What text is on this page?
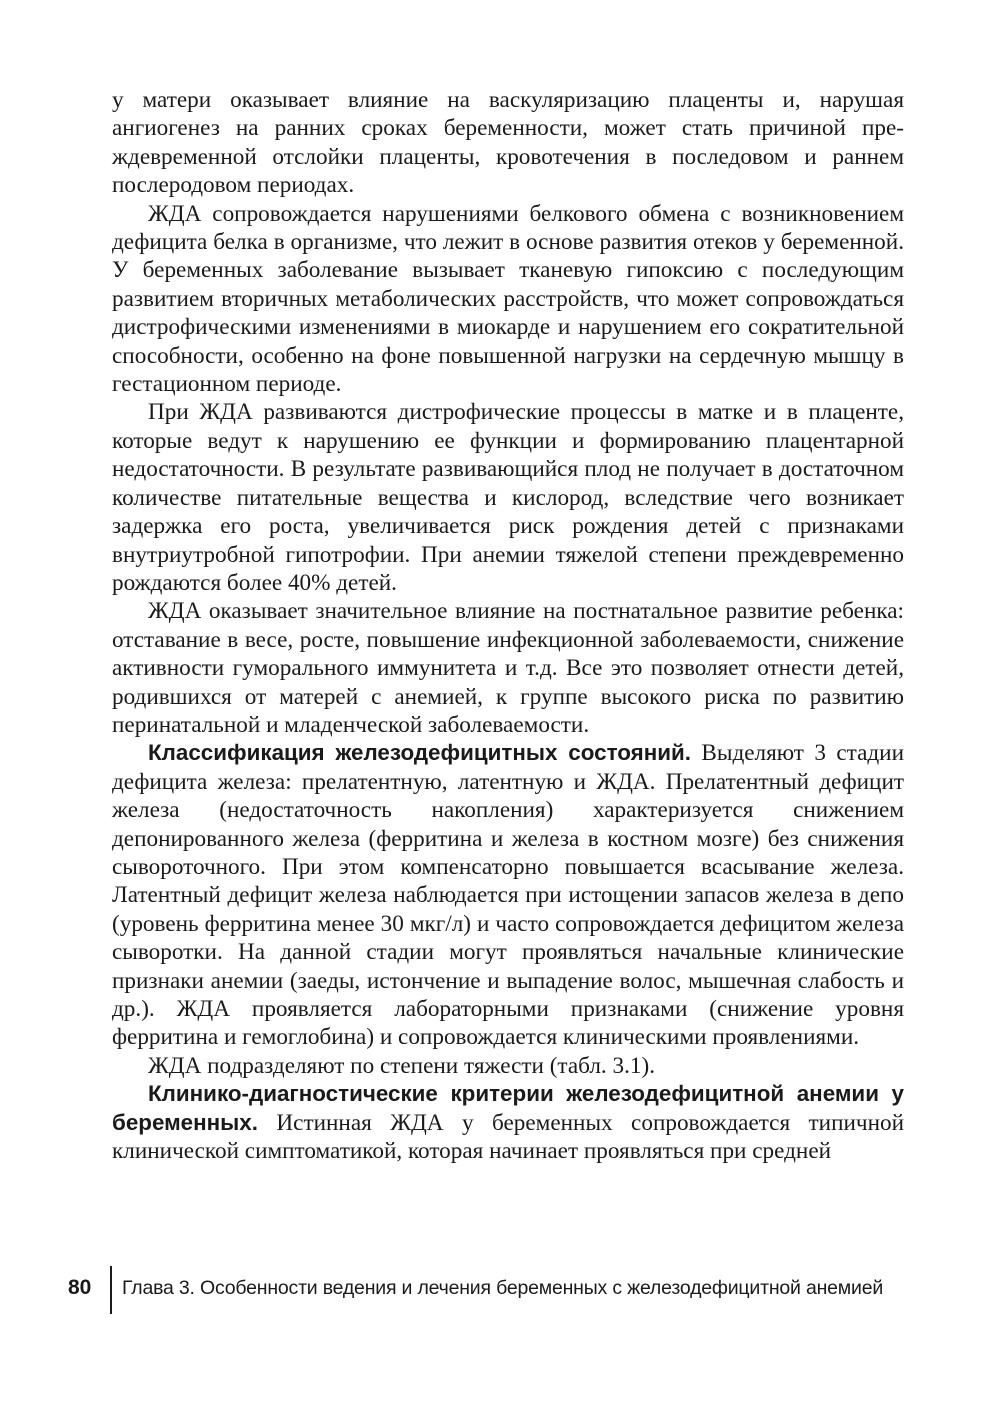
у матери оказывает влияние на васкуляризацию плаценты и, нарушая ангиогенез на ранних сроках беременности, может стать причиной преждевременной отслойки плаценты, кровотечения в последовом и раннем послеродовом периодах.

ЖДА сопровождается нарушениями белкового обмена с возникновением дефицита белка в организме, что лежит в основе развития отеков у беременной. У беременных заболевание вызывает тканевую гипоксию с последующим развитием вторичных метаболических расстройств, что может сопровождаться дистрофическими изменениями в миокарде и нарушением его сократительной способности, особенно на фоне повышенной нагрузки на сердечную мышцу в гестационном периоде.

При ЖДА развиваются дистрофические процессы в матке и в плаценте, которые ведут к нарушению ее функции и формированию плацентарной недостаточности. В результате развивающийся плод не получает в достаточном количестве питательные вещества и кислород, вследствие чего возникает задержка его роста, увеличивается риск рождения детей с признаками внутриутробной гипотрофии. При анемии тяжелой степени преждевременно рождаются более 40% детей.

ЖДА оказывает значительное влияние на постнатальное развитие ребенка: отставание в весе, росте, повышение инфекционной заболеваемости, снижение активности гуморального иммунитета и т.д. Все это позволяет отнести детей, родившихся от матерей с анемией, к группе высокого риска по развитию перинатальной и младенческой заболеваемости.

Классификация железодефицитных состояний. Выделяют 3 стадии дефицита железа: прелатентную, латентную и ЖДА. Прелатентный дефицит железа (недостаточность накопления) характеризуется снижением депонированного железа (ферритина и железа в костном мозге) без снижения сывороточного. При этом компенсаторно повышается всасывание железа. Латентный дефицит железа наблюдается при истощении запасов железа в депо (уровень ферритина менее 30 мкг/л) и часто сопровождается дефицитом железа сыворотки. На данной стадии могут проявляться начальные клинические признаки анемии (заеды, истончение и выпадение волос, мышечная слабость и др.). ЖДА проявляется лабораторными признаками (снижение уровня ферритина и гемоглобина) и сопровождается клиническими проявлениями.

ЖДА подразделяют по степени тяжести (табл. 3.1).

Клинико-диагностические критерии железодефицитной анемии у беременных. Истинная ЖДА у беременных сопровождается типичной клинической симптоматикой, которая начинает проявляться при средней

80 Глава 3. Особенности ведения и лечения беременных с железодефицитной анемией
